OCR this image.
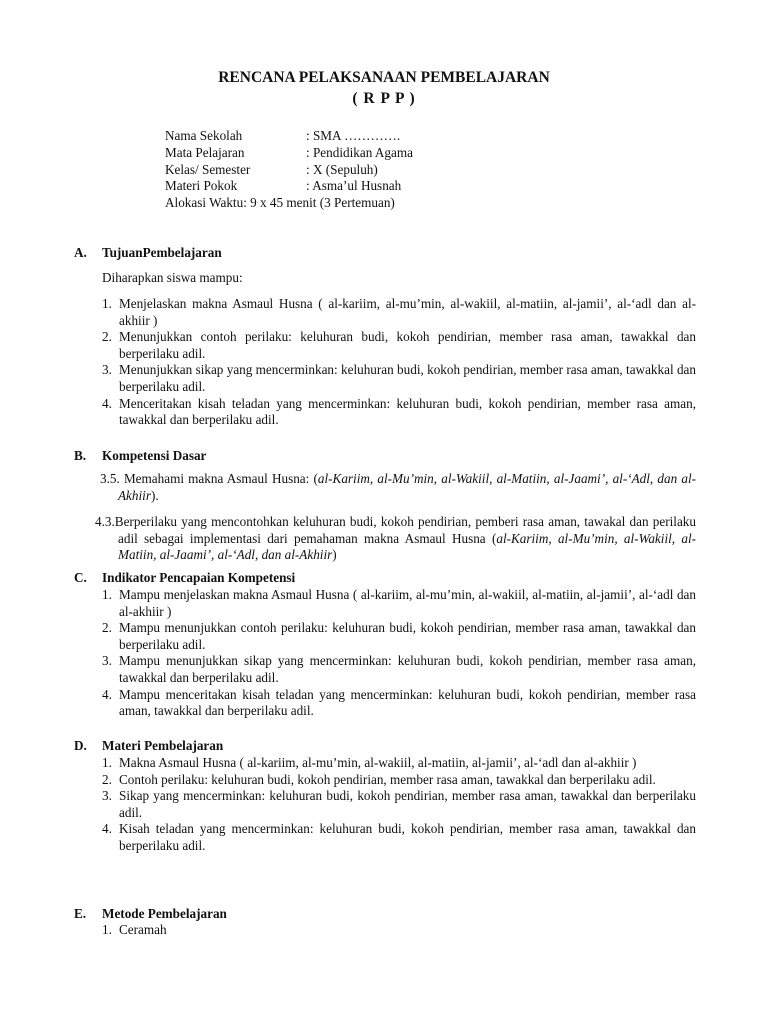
RENCANA PELAKSANAAN PEMBELAJARAN
( R P P )
Nama Sekolah	: SMA ………….
Mata Pelajaran	: Pendidikan Agama
Kelas/ Semester	: X (Sepuluh)
Materi Pokok	: Asma’ul Husnah
Alokasi Waktu: 9 x 45 menit (3 Pertemuan)
A. TujuanPembelajaran
Diharapkan siswa mampu:
1. Menjelaskan makna Asmaul Husna ( al-kariim, al-mu’min, al-wakiil, al-matiin, al-jamii’, al-‘adl dan al-akhiir )
2. Menunjukkan contoh perilaku: keluhuran budi, kokoh pendirian, member rasa aman, tawakkal dan berperilaku adil.
3. Menunjukkan sikap yang mencerminkan: keluhuran budi, kokoh pendirian, member rasa aman, tawakkal dan berperilaku adil.
4. Menceritakan kisah teladan yang mencerminkan: keluhuran budi, kokoh pendirian, member rasa aman, tawakkal dan berperilaku adil.
B. Kompetensi Dasar
3.5. Memahami makna Asmaul Husna: (al-Kariim, al-Mu’min, al-Wakiil, al-Matiin, al-Jaami’, al-‘Adl, dan al-Akhiir).
4.3.Berperilaku yang mencontohkan keluhuran budi, kokoh pendirian, pemberi rasa aman, tawakal dan perilaku adil sebagai implementasi dari pemahaman makna Asmaul Husna (al-Kariim, al-Mu’min, al-Wakiil, al-Matiin, al-Jaami’, al-‘Adl, dan al-Akhiir)
C. Indikator Pencapaian Kompetensi
1. Mampu menjelaskan makna Asmaul Husna ( al-kariim, al-mu’min, al-wakiil, al-matiin, al-jamii’, al-‘adl dan al-akhiir )
2. Mampu menunjukkan contoh perilaku: keluhuran budi, kokoh pendirian, member rasa aman, tawakkal dan berperilaku adil.
3. Mampu menunjukkan sikap yang mencerminkan: keluhuran budi, kokoh pendirian, member rasa aman, tawakkal dan berperilaku adil.
4. Mampu menceritakan kisah teladan yang mencerminkan: keluhuran budi, kokoh pendirian, member rasa aman, tawakkal dan berperilaku adil.
D. Materi Pembelajaran
1. Makna Asmaul Husna ( al-kariim, al-mu’min, al-wakiil, al-matiin, al-jamii’, al-‘adl dan al-akhiir )
2. Contoh perilaku: keluhuran budi, kokoh pendirian, member rasa aman, tawakkal dan berperilaku adil.
3. Sikap yang mencerminkan: keluhuran budi, kokoh pendirian, member rasa aman, tawakkal dan berperilaku adil.
4. Kisah teladan yang mencerminkan: keluhuran budi, kokoh pendirian, member rasa aman, tawakkal dan berperilaku adil.
E. Metode Pembelajaran
1. Ceramah
